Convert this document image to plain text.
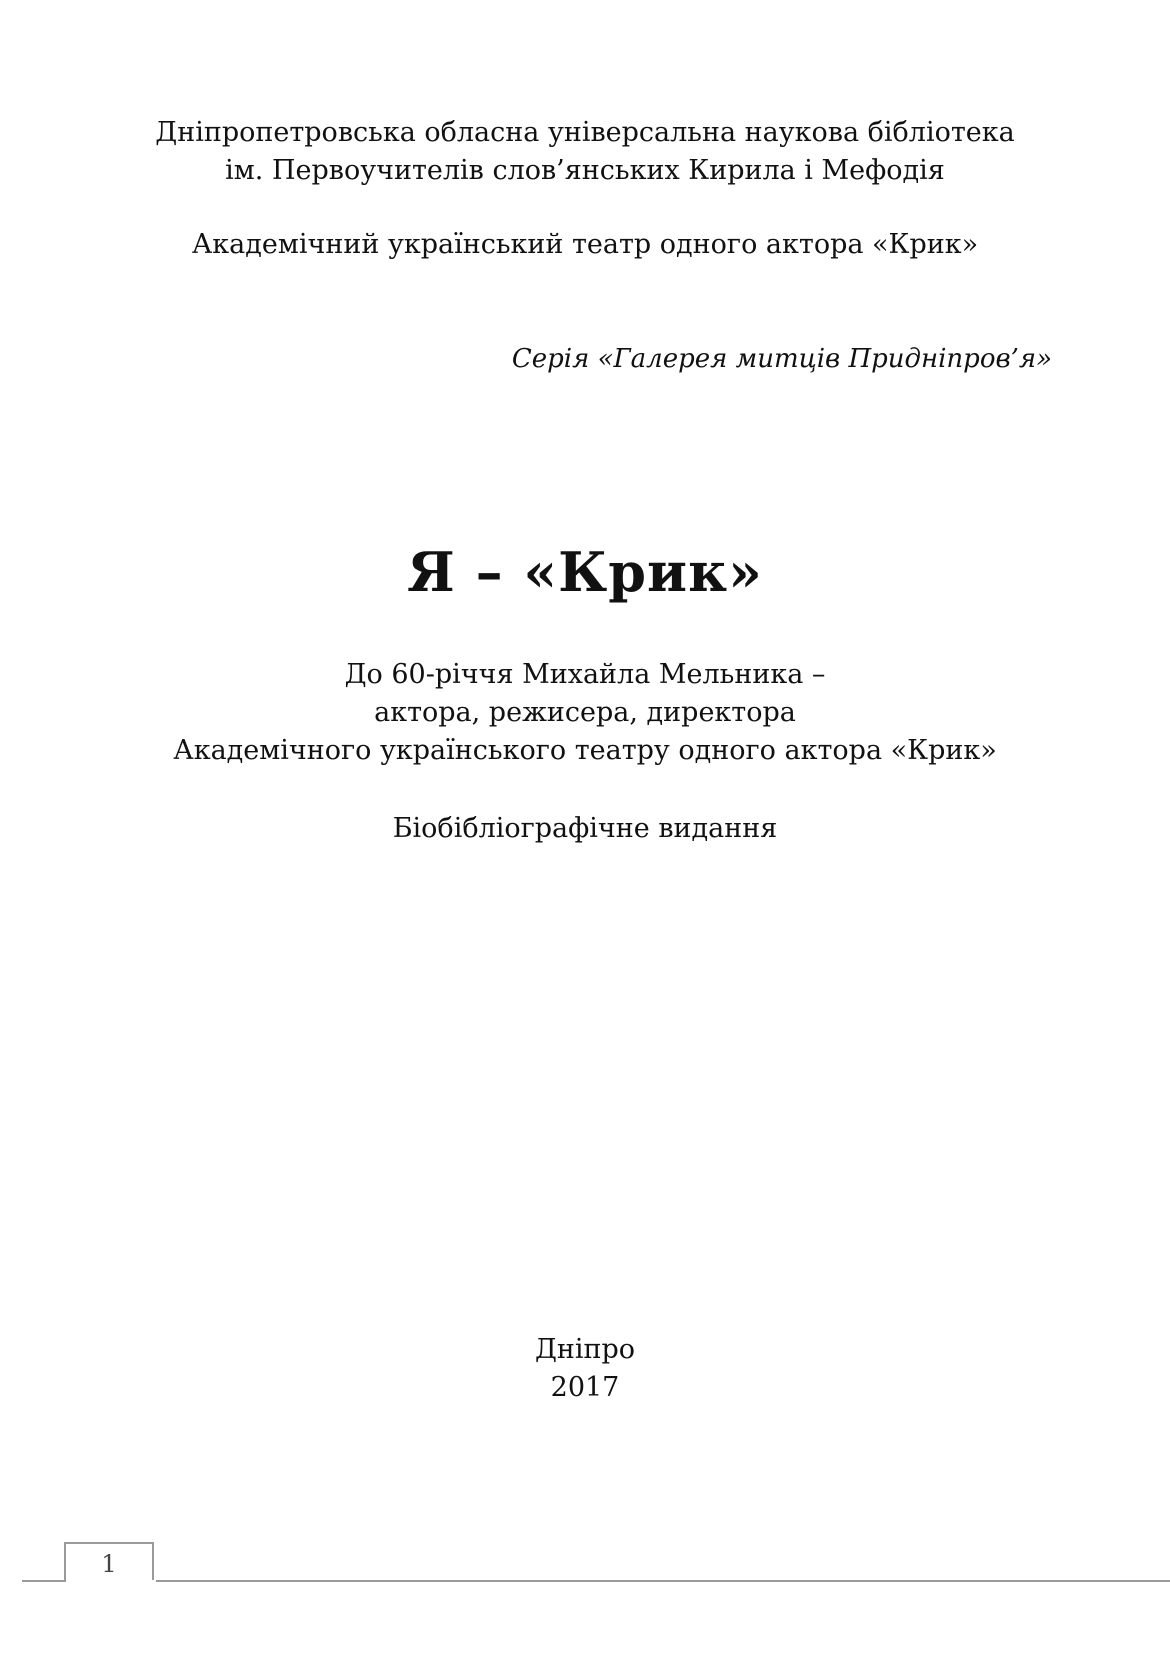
Дніпропетровська обласна універсальна наукова бібліотека
ім. Первоучителів слов’янських Кирила і Мефодія
Академічний український театр одного актора «Крик»
Серія «Галерея митців Придніпров’я»
Я – «Крик»
До 60-річчя Михайла Мельника –
актора, режисера, директора
Академічного українського театру одного актора «Крик»
Біобібліографічне видання
Дніпро
2017
1
